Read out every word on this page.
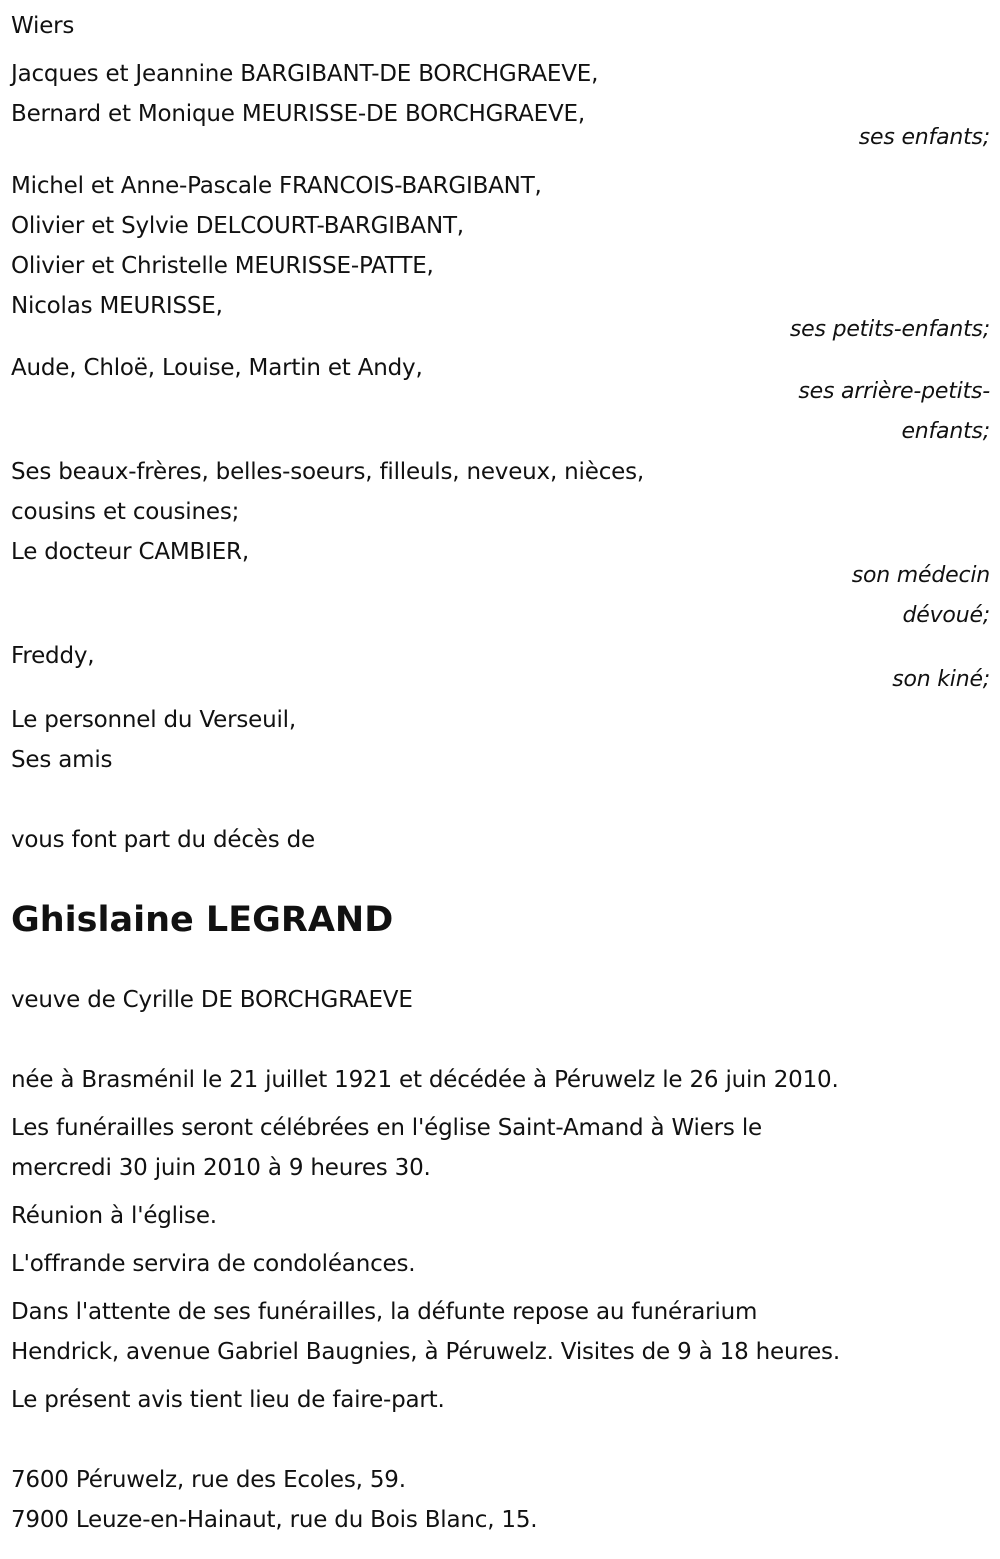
Wiers
Jacques et Jeannine BARGIBANT-DE BORCHGRAEVE,
Bernard et Monique MEURISSE-DE BORCHGRAEVE,
ses enfants;
Michel et Anne-Pascale FRANCOIS-BARGIBANT,
Olivier et Sylvie DELCOURT-BARGIBANT,
Olivier et Christelle MEURISSE-PATTE,
Nicolas MEURISSE,
ses petits-enfants;
Aude, Chloë, Louise, Martin et Andy,
ses arrière-petits-
enfants;
Ses beaux-frères, belles-soeurs, filleuls, neveux, nièces,
cousins et cousines;
Le docteur CAMBIER,
son médecin
dévoué;
Freddy,
son kiné;
Le personnel du Verseuil,
Ses amis
vous font part du décès de
Ghislaine LEGRAND
veuve de Cyrille DE BORCHGRAEVE
née à Brasménil le 21 juillet 1921 et décédée à Péruwelz le 26 juin 2010.
Les funérailles seront célébrées en l'église Saint-Amand à Wiers le
mercredi 30 juin 2010 à 9 heures 30.
Réunion à l'église.
L'offrande servira de condoléances.
Dans l'attente de ses funérailles, la défunte repose au funérarium
Hendrick, avenue Gabriel Baugnies, à Péruwelz. Visites de 9 à 18 heures.
Le présent avis tient lieu de faire-part.
7600 Péruwelz, rue des Ecoles, 59.
7900 Leuze-en-Hainaut, rue du Bois Blanc, 15.
